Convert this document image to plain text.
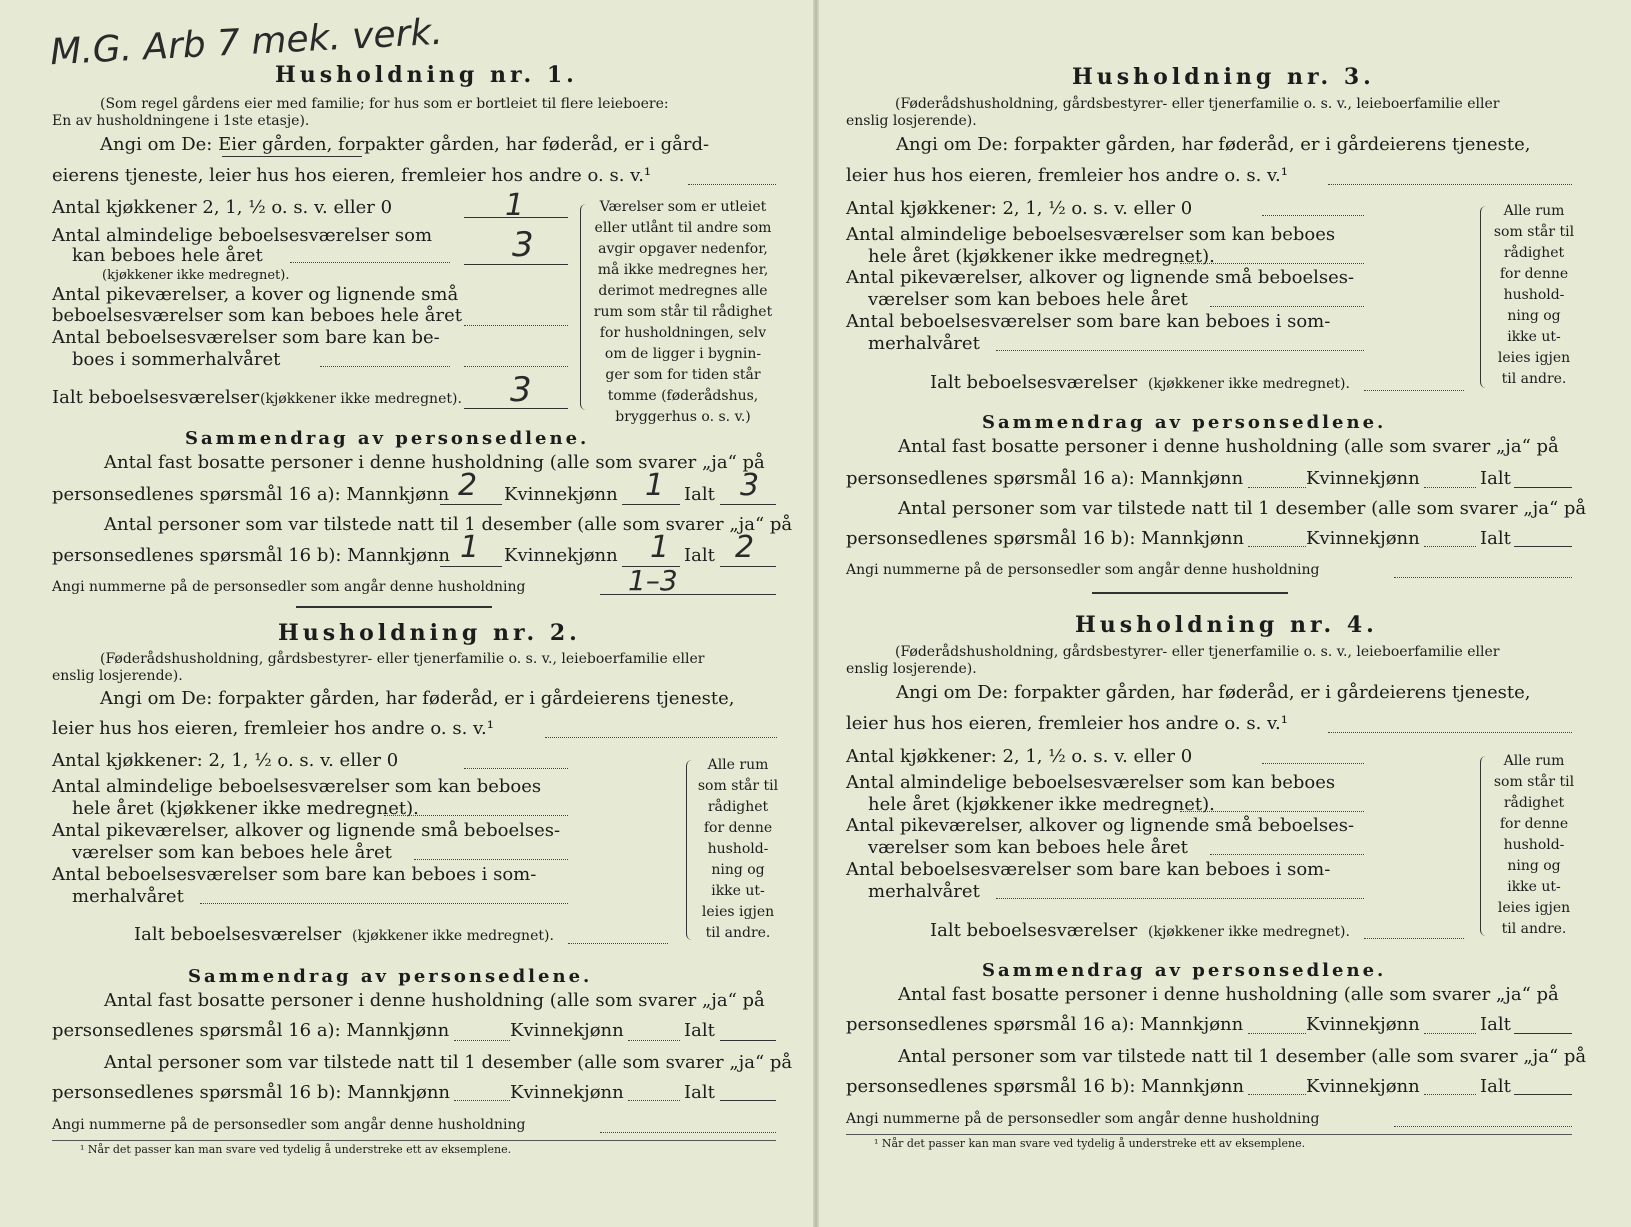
M.G. Arb 7 mek. verk.
Husholdning nr. 1.
(Som regel gårdens eier med familie; for hus som er bortleiet til flere leieboere:
En av husholdningene i 1ste etasje).
Angi om De: Eier gården, forpakter gården, har føderåd, er i gård-
eierens tjeneste, leier hus hos eieren, fremleier hos andre o. s. v.¹
Antal kjøkkener 2, 1, ½ o. s. v. eller 0	1
Antal almindelige beboelsesværelser som
kan beboes hele året	3
(kjøkkener ikke medregnet).
Antal pikeværelser, a kover og lignende små
beboelsesværelser som kan beboes hele året
Antal beboelsesværelser som bare kan be-
boes i sommerhalvåret
Ialt beboelsesværelser (kjøkkener ikke medregnet). 3
Værelser som er utleiet
eller utlånt til andre som
avgir opgaver nedenfor,
må ikke medregnes her,
derimot medregnes alle
rum som står til rådighet
for husholdningen, selv
om de ligger i bygnin-
ger som for tiden står
tomme (føderådshus,
bryggerhus o. s. v.)
Sammendrag av personsedlene.
Antal fast bosatte personer i denne husholdning (alle som svarer „ja“ på
personsedlenes spørsmål 16 a): Mannkjønn 2 Kvinnekjønn 1 Ialt 3
Antal personer som var tilstede natt til 1 desember (alle som svarer „ja“ på
personsedlenes spørsmål 16 b): Mannkjønn 1 Kvinnekjønn 1 Ialt 2
Angi nummerne på de personsedler som angår denne husholdning	1–3
Husholdning nr. 2.
(Føderådshusholdning, gårdsbestyrer- eller tjenerfamilie o. s. v., leieboerfamilie eller
enslig losjerende).
Angi om De: forpakter gården, har føderåd, er i gårdeierens tjeneste,
leier hus hos eieren, fremleier hos andre o. s. v.¹
Antal kjøkkener: 2, 1, ½ o. s. v. eller 0
Antal almindelige beboelsesværelser som kan beboes
hele året (kjøkkener ikke medregnet).
Antal pikeværelser, alkover og lignende små beboelses-
værelser som kan beboes hele året
Antal beboelsesværelser som bare kan beboes i som-
merhalvåret
Ialt beboelsesværelser (kjøkkener ikke medregnet).
Alle rum
som står til
rådighet
for denne
hushold-
ning og
ikke ut-
leies igjen
til andre.
Sammendrag av personsedlene.
Antal fast bosatte personer i denne husholdning (alle som svarer „ja“ på
personsedlenes spørsmål 16 a): Mannkjønn	Kvinnekjønn	Ialt
Antal personer som var tilstede natt til 1 desember (alle som svarer „ja“ på
personsedlenes spørsmål 16 b): Mannkjønn	Kvinnekjønn	Ialt
Angi nummerne på de personsedler som angår denne husholdning
¹ Når det passer kan man svare ved tydelig å understreke ett av eksemplene.
Husholdning nr. 3.
(Føderådshusholdning, gårdsbestyrer- eller tjenerfamilie o. s. v., leieboerfamilie eller
enslig losjerende).
Angi om De: forpakter gården, har føderåd, er i gårdeierens tjeneste,
leier hus hos eieren, fremleier hos andre o. s. v.¹
Antal kjøkkener: 2, 1, ½ o. s. v. eller 0
Antal almindelige beboelsesværelser som kan beboes
hele året (kjøkkener ikke medregnet).
Antal pikeværelser, alkover og lignende små beboelses-
værelser som kan beboes hele året
Antal beboelsesværelser som bare kan beboes i som-
merhalvåret
Ialt beboelsesværelser (kjøkkener ikke medregnet).
Alle rum
som står til
rådighet
for denne
hushold-
ning og
ikke ut-
leies igjen
til andre.
Sammendrag av personsedlene.
Antal fast bosatte personer i denne husholdning (alle som svarer „ja“ på
personsedlenes spørsmål 16 a): Mannkjønn	Kvinnekjønn	Ialt
Antal personer som var tilstede natt til 1 desember (alle som svarer „ja“ på
personsedlenes spørsmål 16 b): Mannkjønn	Kvinnekjønn	Ialt
Angi nummerne på de personsedler som angår denne husholdning
Husholdning nr. 4.
(Føderådshusholdning, gårdsbestyrer- eller tjenerfamilie o. s. v., leieboerfamilie eller
enslig losjerende).
Angi om De: forpakter gården, har føderåd, er i gårdeierens tjeneste,
leier hus hos eieren, fremleier hos andre o. s. v.¹
Antal kjøkkener: 2, 1, ½ o. s. v. eller 0
Antal almindelige beboelsesværelser som kan beboes
hele året (kjøkkener ikke medregnet).
Antal pikeværelser, alkover og lignende små beboelses-
værelser som kan beboes hele året
Antal beboelsesværelser som bare kan beboes i som-
merhalvåret
Ialt beboelsesværelser (kjøkkener ikke medregnet).
Alle rum
som står til
rådighet
for denne
hushold-
ning og
ikke ut-
leies igjen
til andre.
Sammendrag av personsedlene.
Antal fast bosatte personer i denne husholdning (alle som svarer „ja“ på
personsedlenes spørsmål 16 a): Mannkjønn	Kvinnekjønn	Ialt
Antal personer som var tilstede natt til 1 desember (alle som svarer „ja“ på
personsedlenes spørsmål 16 b): Mannkjønn	Kvinnekjønn	Ialt
Angi nummerne på de personsedler som angår denne husholdning
¹ Når det passer kan man svare ved tydelig å understreke ett av eksemplene.
